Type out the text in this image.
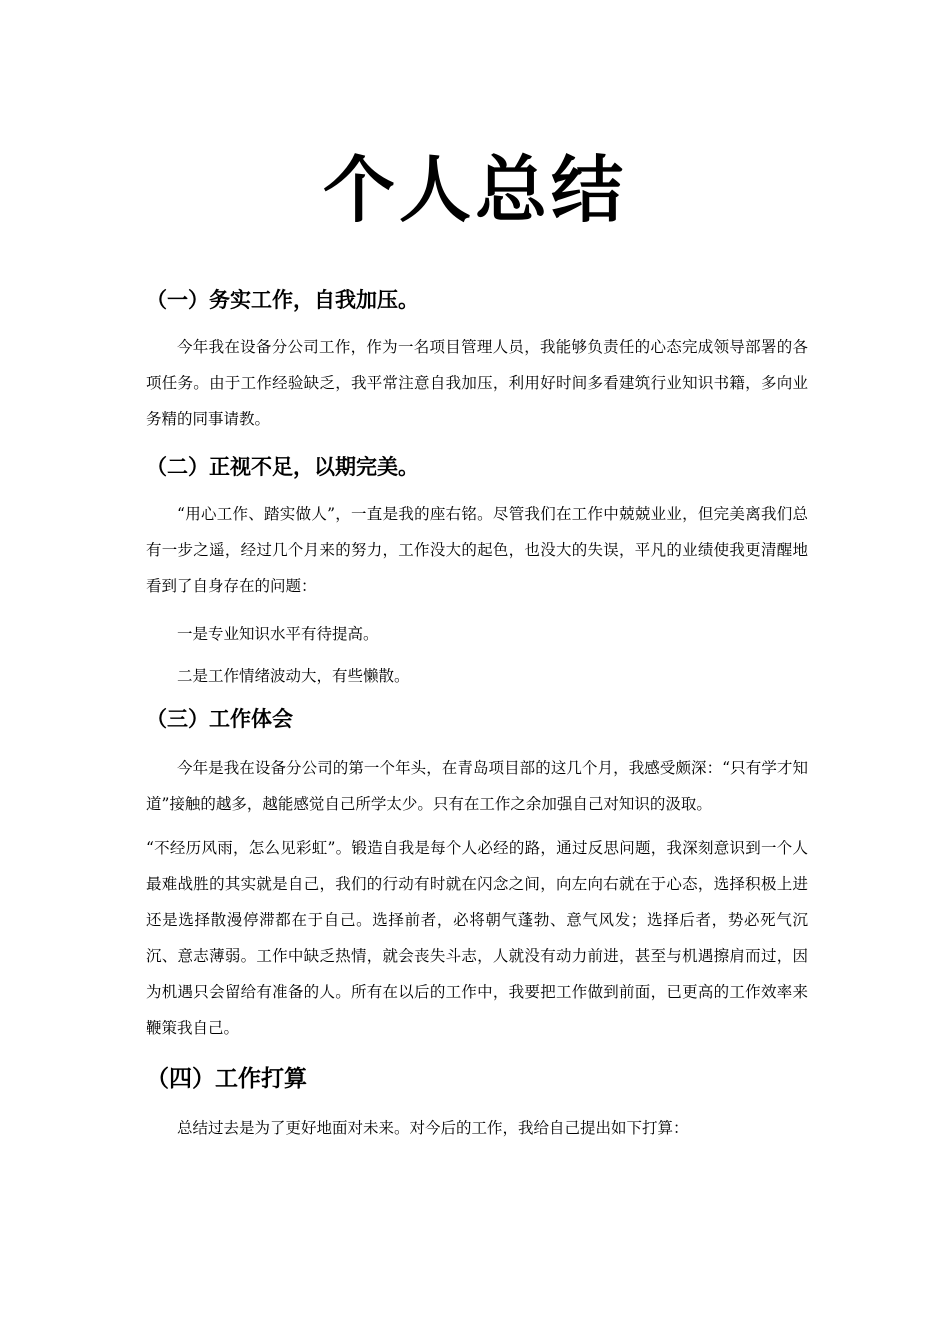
个人总结
（一）务实工作，自我加压。
今年我在设备分公司工作，作为一名项目管理人员，我能够负责任的心态完成领导部署的各项任务。由于工作经验缺乏，我平常注意自我加压，利用好时间多看建筑行业知识书籍，多向业务精的同事请教。
（二）正视不足，以期完美。
“用心工作、踏实做人”，一直是我的座右铭。尽管我们在工作中兢兢业业，但完美离我们总有一步之遥，经过几个月来的努力，工作没大的起色，也没大的失误，平凡的业绩使我更清醒地看到了自身存在的问题：
一是专业知识水平有待提高。
二是工作情绪波动大，有些懒散。
（三）工作体会
今年是我在设备分公司的第一个年头，在青岛项目部的这几个月，我感受颇深：“只有学才知道”接触的越多，越能感觉自己所学太少。只有在工作之余加强自己对知识的汲取。
“不经历风雨，怎么见彩虹”。锻造自我是每个人必经的路，通过反思问题，我深刻意识到一个人最难战胜的其实就是自己，我们的行动有时就在闪念之间，向左向右就在于心态，选择积极上进还是选择散漫停滞都在于自己。选择前者，必将朝气蓬勃、意气风发；选择后者，势必死气沉沉、意志薄弱。工作中缺乏热情，就会丧失斗志，人就没有动力前进，甚至与机遇擦肩而过，因为机遇只会留给有准备的人。所有在以后的工作中，我要把工作做到前面，已更高的工作效率来鞭策我自己。
（四）工作打算
总结过去是为了更好地面对未来。对今后的工作，我给自己提出如下打算：
